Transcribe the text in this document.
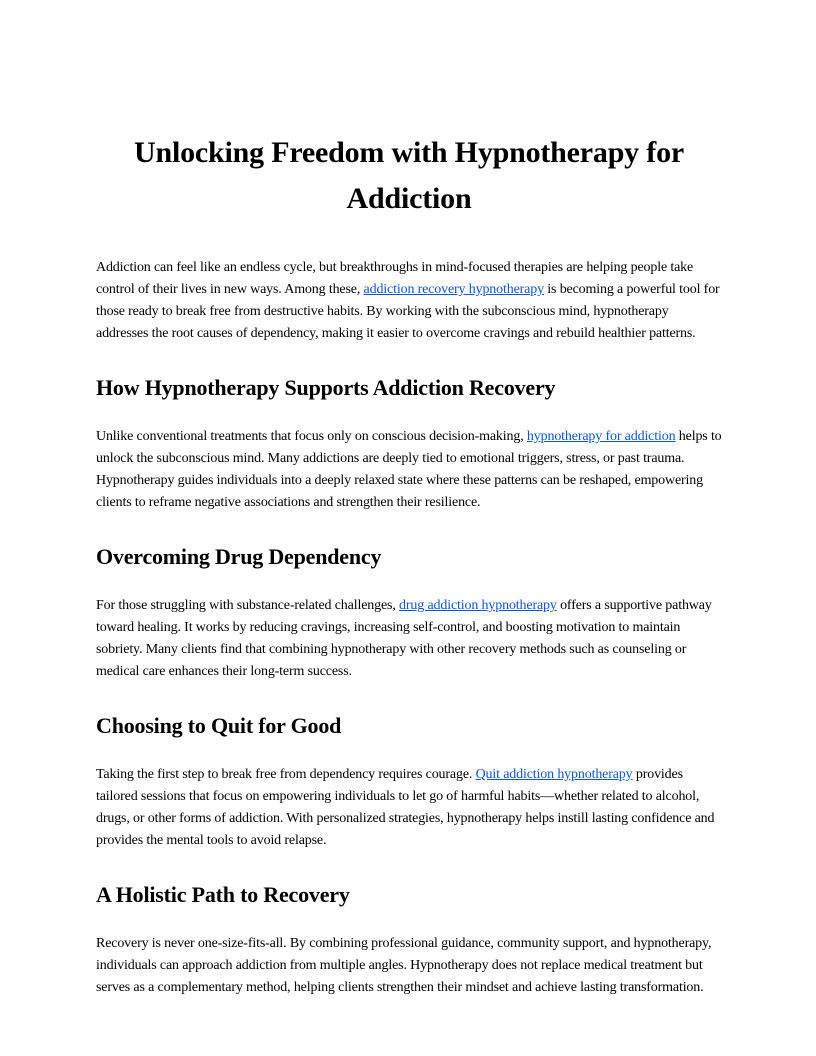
Unlocking Freedom with Hypnotherapy for
Addiction

Addiction can feel like an endless cycle, but breakthroughs in mind-focused therapies are helping people take control of their lives in new ways. Among these, addiction recovery hypnotherapy is becoming a powerful tool for those ready to break free from destructive habits. By working with the subconscious mind, hypnotherapy addresses the root causes of dependency, making it easier to overcome cravings and rebuild healthier patterns.

How Hypnotherapy Supports Addiction Recovery

Unlike conventional treatments that focus only on conscious decision-making, hypnotherapy for addiction helps to unlock the subconscious mind. Many addictions are deeply tied to emotional triggers, stress, or past trauma. Hypnotherapy guides individuals into a deeply relaxed state where these patterns can be reshaped, empowering clients to reframe negative associations and strengthen their resilience.

Overcoming Drug Dependency

For those struggling with substance-related challenges, drug addiction hypnotherapy offers a supportive pathway toward healing. It works by reducing cravings, increasing self-control, and boosting motivation to maintain sobriety. Many clients find that combining hypnotherapy with other recovery methods such as counseling or medical care enhances their long-term success.

Choosing to Quit for Good

Taking the first step to break free from dependency requires courage. Quit addiction hypnotherapy provides tailored sessions that focus on empowering individuals to let go of harmful habits—whether related to alcohol, drugs, or other forms of addiction. With personalized strategies, hypnotherapy helps instill lasting confidence and provides the mental tools to avoid relapse.

A Holistic Path to Recovery

Recovery is never one-size-fits-all. By combining professional guidance, community support, and hypnotherapy, individuals can approach addiction from multiple angles. Hypnotherapy does not replace medical treatment but serves as a complementary method, helping clients strengthen their mindset and achieve lasting transformation.
